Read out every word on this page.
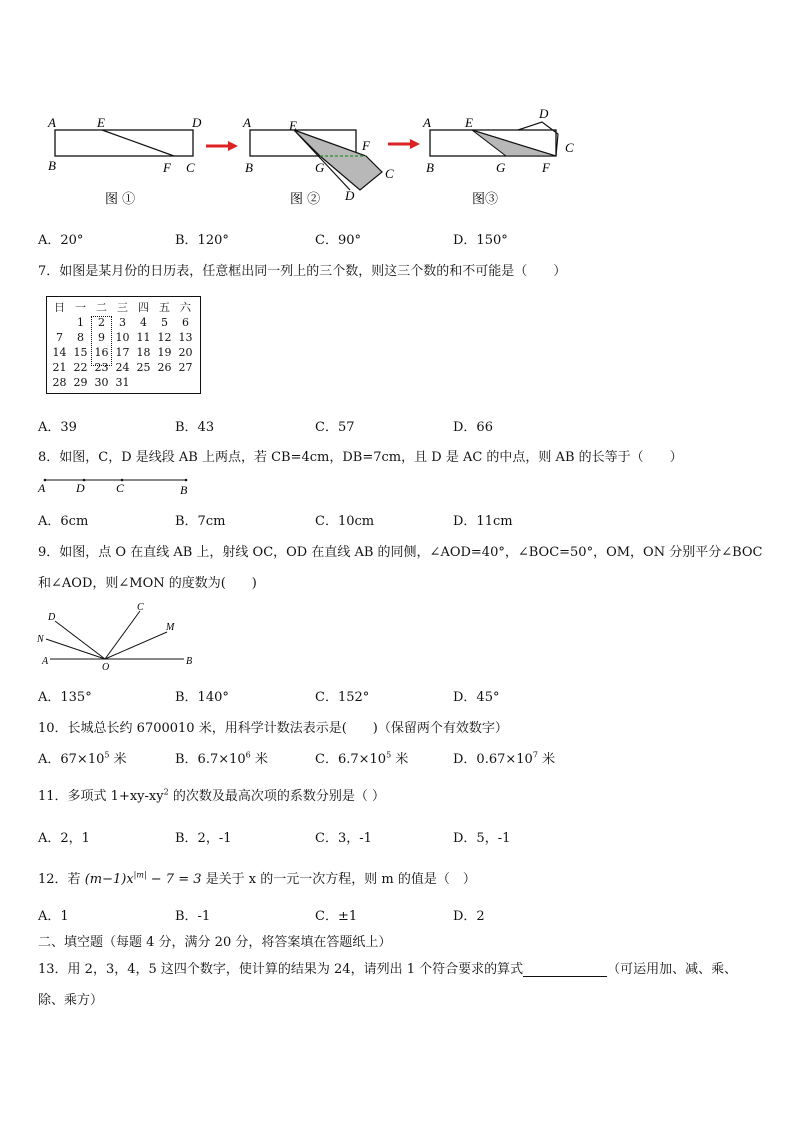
A	E	D
B	F C
图 ①
A	E
B	G
F
C
D
图 ②
A	E
D
C
B	G	F
图③
A．20°	B．120°	C．90°	D．150°
7．如图是某月份的日历表，任意框出同一列上的三个数，则这三个数的和不可能是（　　）
日	一	二	三	四	五	六
	1	2	3	4	5	6
7	8	9	10	11	12	13
14	15	16	17	18	19	20
21	22	23	24	25	26	27
28	29	30	31			
A．39	B．43	C．57	D．66
8．如图，C，D 是线段 AB 上两点，若 CB=4cm，DB=7cm，且 D 是 AC 的中点，则 AB 的长等于（　　）
A	D	C	B
A．6cm	B．7cm	C．10cm	D．11cm
9．如图，点 O 在直线 AB 上，射线 OC，OD 在直线 AB 的同侧，∠AOD=40°，∠BOC=50°，OM，ON 分别平分∠BOC
和∠AOD，则∠MON 的度数为(　　)
D
N
C
M
A
O
B
A．135°	B．140°	C．152°	D．45°
10．长城总长约 6700010 米，用科学计数法表示是(　　)（保留两个有效数字）
A．$67\times 10^5$ 米	B．$6.7\times 10^6$ 米	C．$6.7\times 10^5$ 米	D．$0.67\times 10^7$ 米
11．多项式 $1+xy-xy^2$ 的次数及最高次项的系数分别是（ ）
A．2，1	B．2，-1	C．3，-1	D．5，-1
12．若 $(m-1)x^{|m|} - 7 = 3$ 是关于 x 的一元一次方程，则 m 的值是（　）
A．1	B．-1	C．±1	D．2
二、填空题（每题 4 分，满分 20 分，将答案填在答题纸上）
13．用 2，3，4，5 这四个数字，使计算的结果为 24，请列出 1 个符合要求的算式	（可运用加、减、乘、
除、乘方）
